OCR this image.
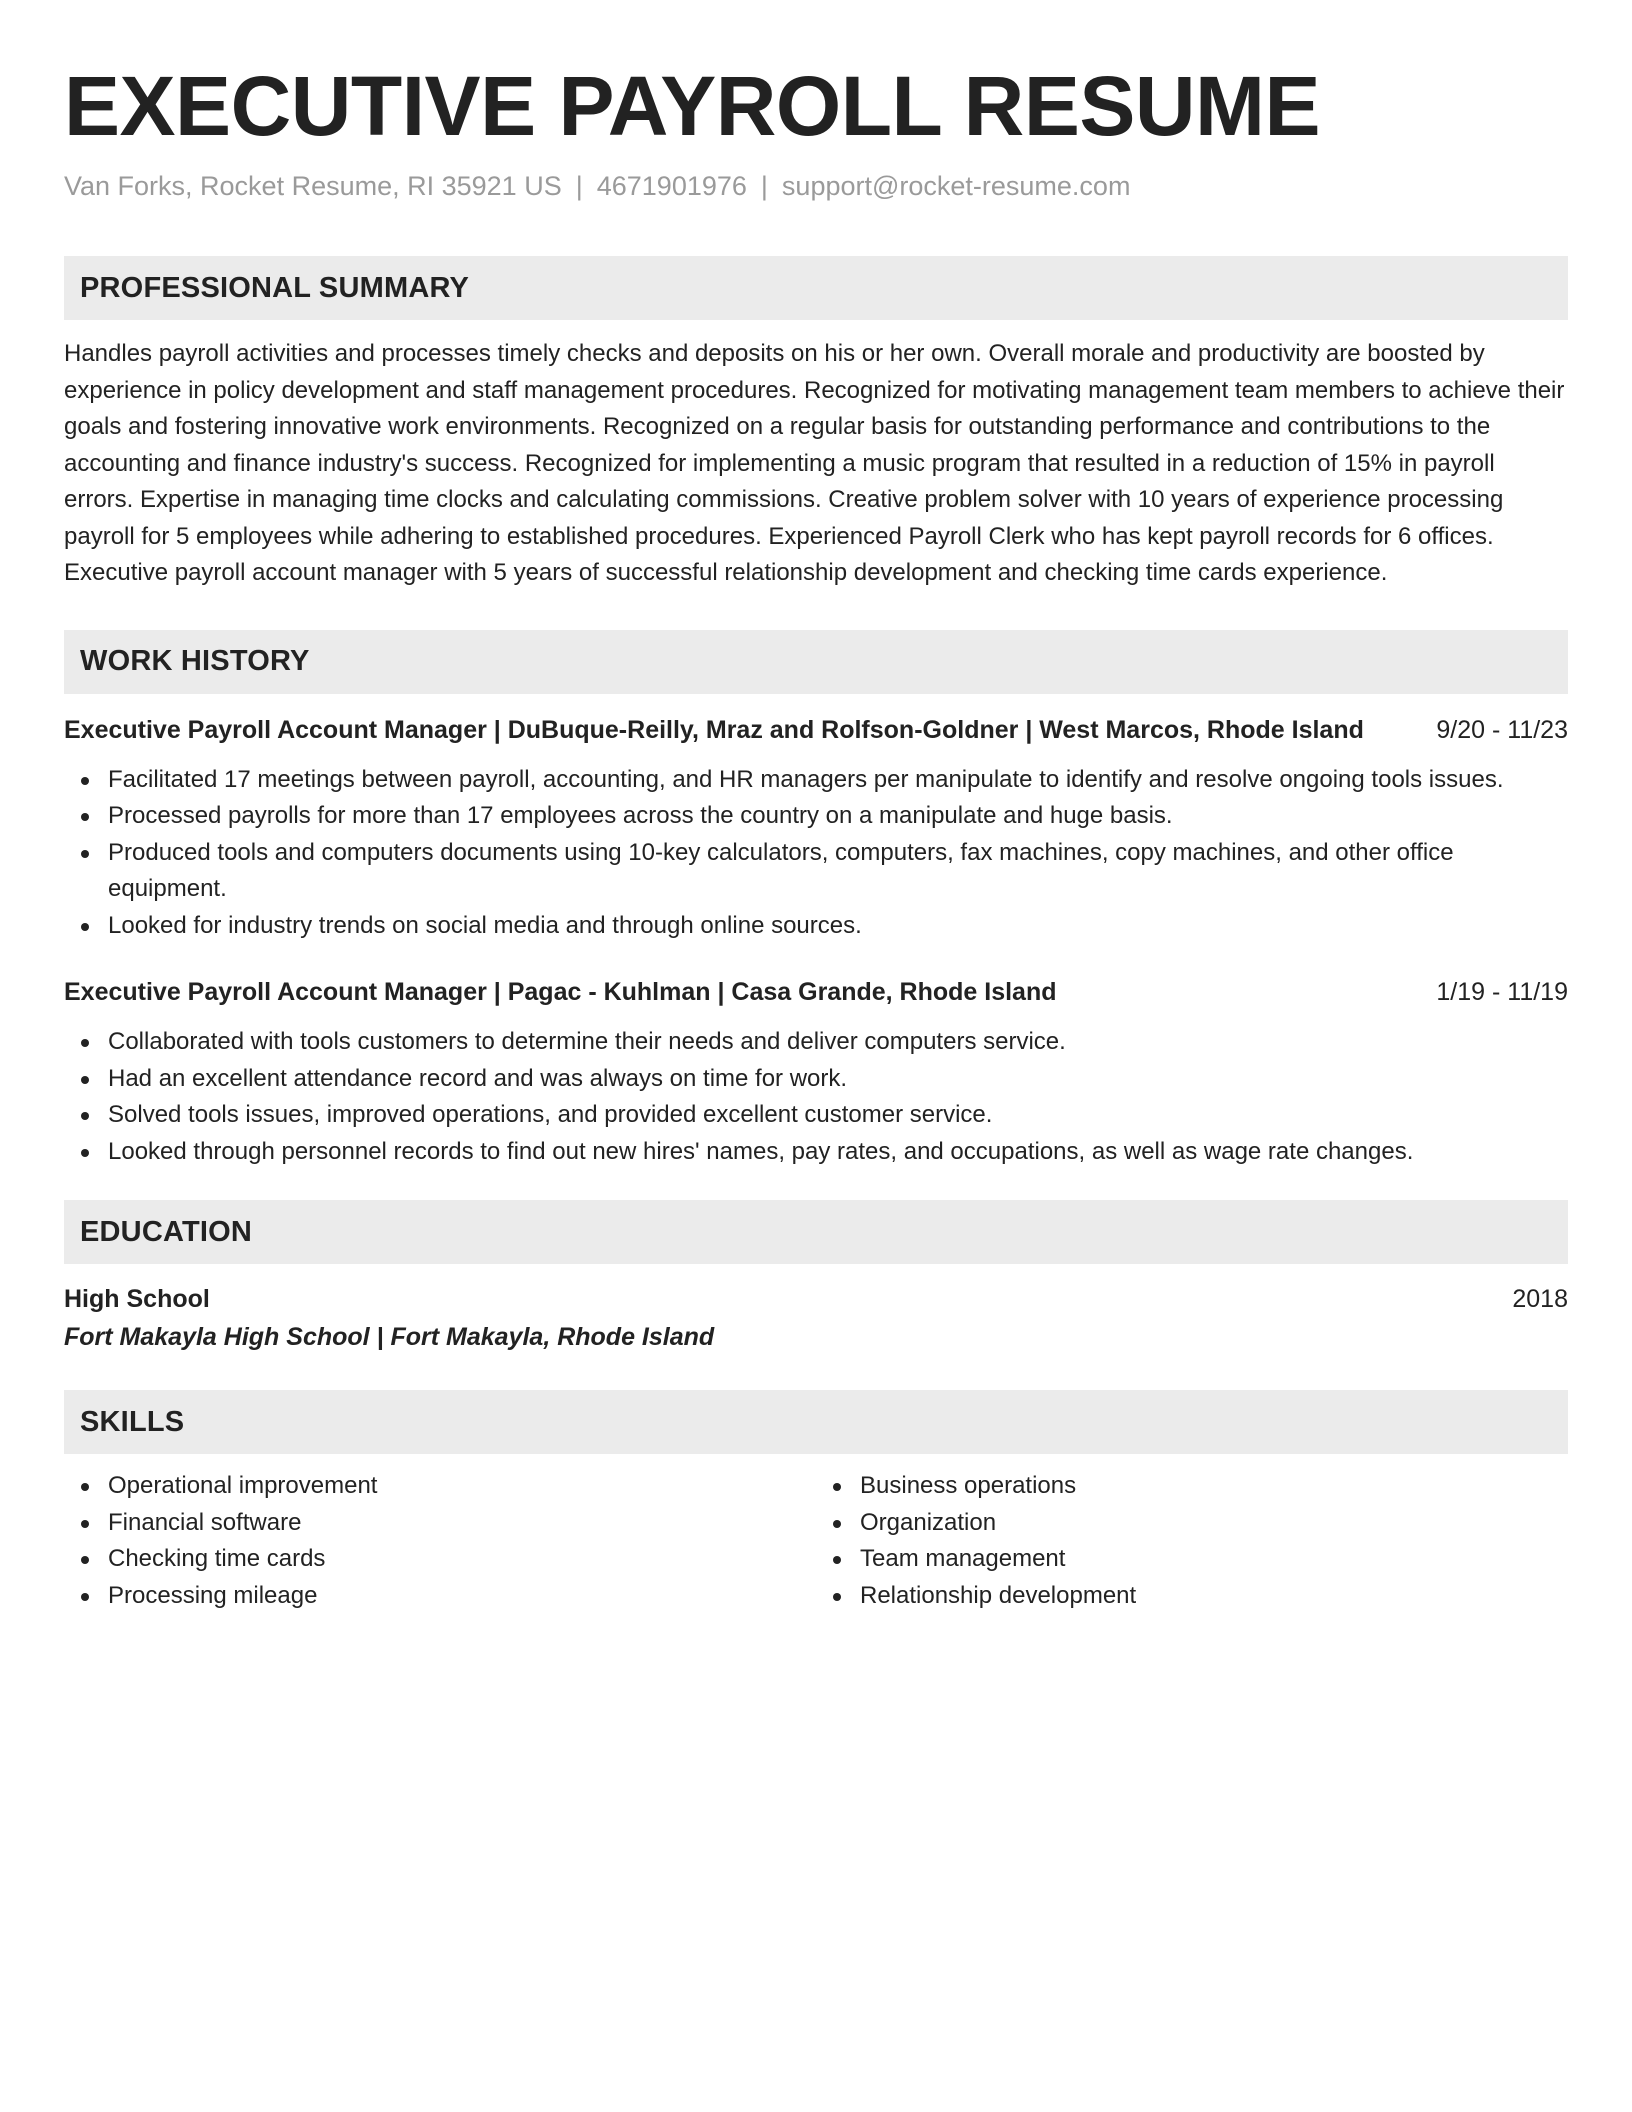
EXECUTIVE PAYROLL RESUME
Van Forks, Rocket Resume, RI 35921 US | 4671901976 | support@rocket-resume.com
PROFESSIONAL SUMMARY
Handles payroll activities and processes timely checks and deposits on his or her own. Overall morale and productivity are boosted by experience in policy development and staff management procedures. Recognized for motivating management team members to achieve their goals and fostering innovative work environments. Recognized on a regular basis for outstanding performance and contributions to the accounting and finance industry's success. Recognized for implementing a music program that resulted in a reduction of 15% in payroll errors. Expertise in managing time clocks and calculating commissions. Creative problem solver with 10 years of experience processing payroll for 5 employees while adhering to established procedures. Experienced Payroll Clerk who has kept payroll records for 6 offices. Executive payroll account manager with 5 years of successful relationship development and checking time cards experience.
WORK HISTORY
Executive Payroll Account Manager | DuBuque-Reilly, Mraz and Rolfson-Goldner | West Marcos, Rhode Island	9/20 - 11/23
Facilitated 17 meetings between payroll, accounting, and HR managers per manipulate to identify and resolve ongoing tools issues.
Processed payrolls for more than 17 employees across the country on a manipulate and huge basis.
Produced tools and computers documents using 10-key calculators, computers, fax machines, copy machines, and other office equipment.
Looked for industry trends on social media and through online sources.
Executive Payroll Account Manager | Pagac - Kuhlman | Casa Grande, Rhode Island	1/19 - 11/19
Collaborated with tools customers to determine their needs and deliver computers service.
Had an excellent attendance record and was always on time for work.
Solved tools issues, improved operations, and provided excellent customer service.
Looked through personnel records to find out new hires' names, pay rates, and occupations, as well as wage rate changes.
EDUCATION
High School	2018
Fort Makayla High School | Fort Makayla, Rhode Island
SKILLS
Operational improvement
Financial software
Checking time cards
Processing mileage
Business operations
Organization
Team management
Relationship development
